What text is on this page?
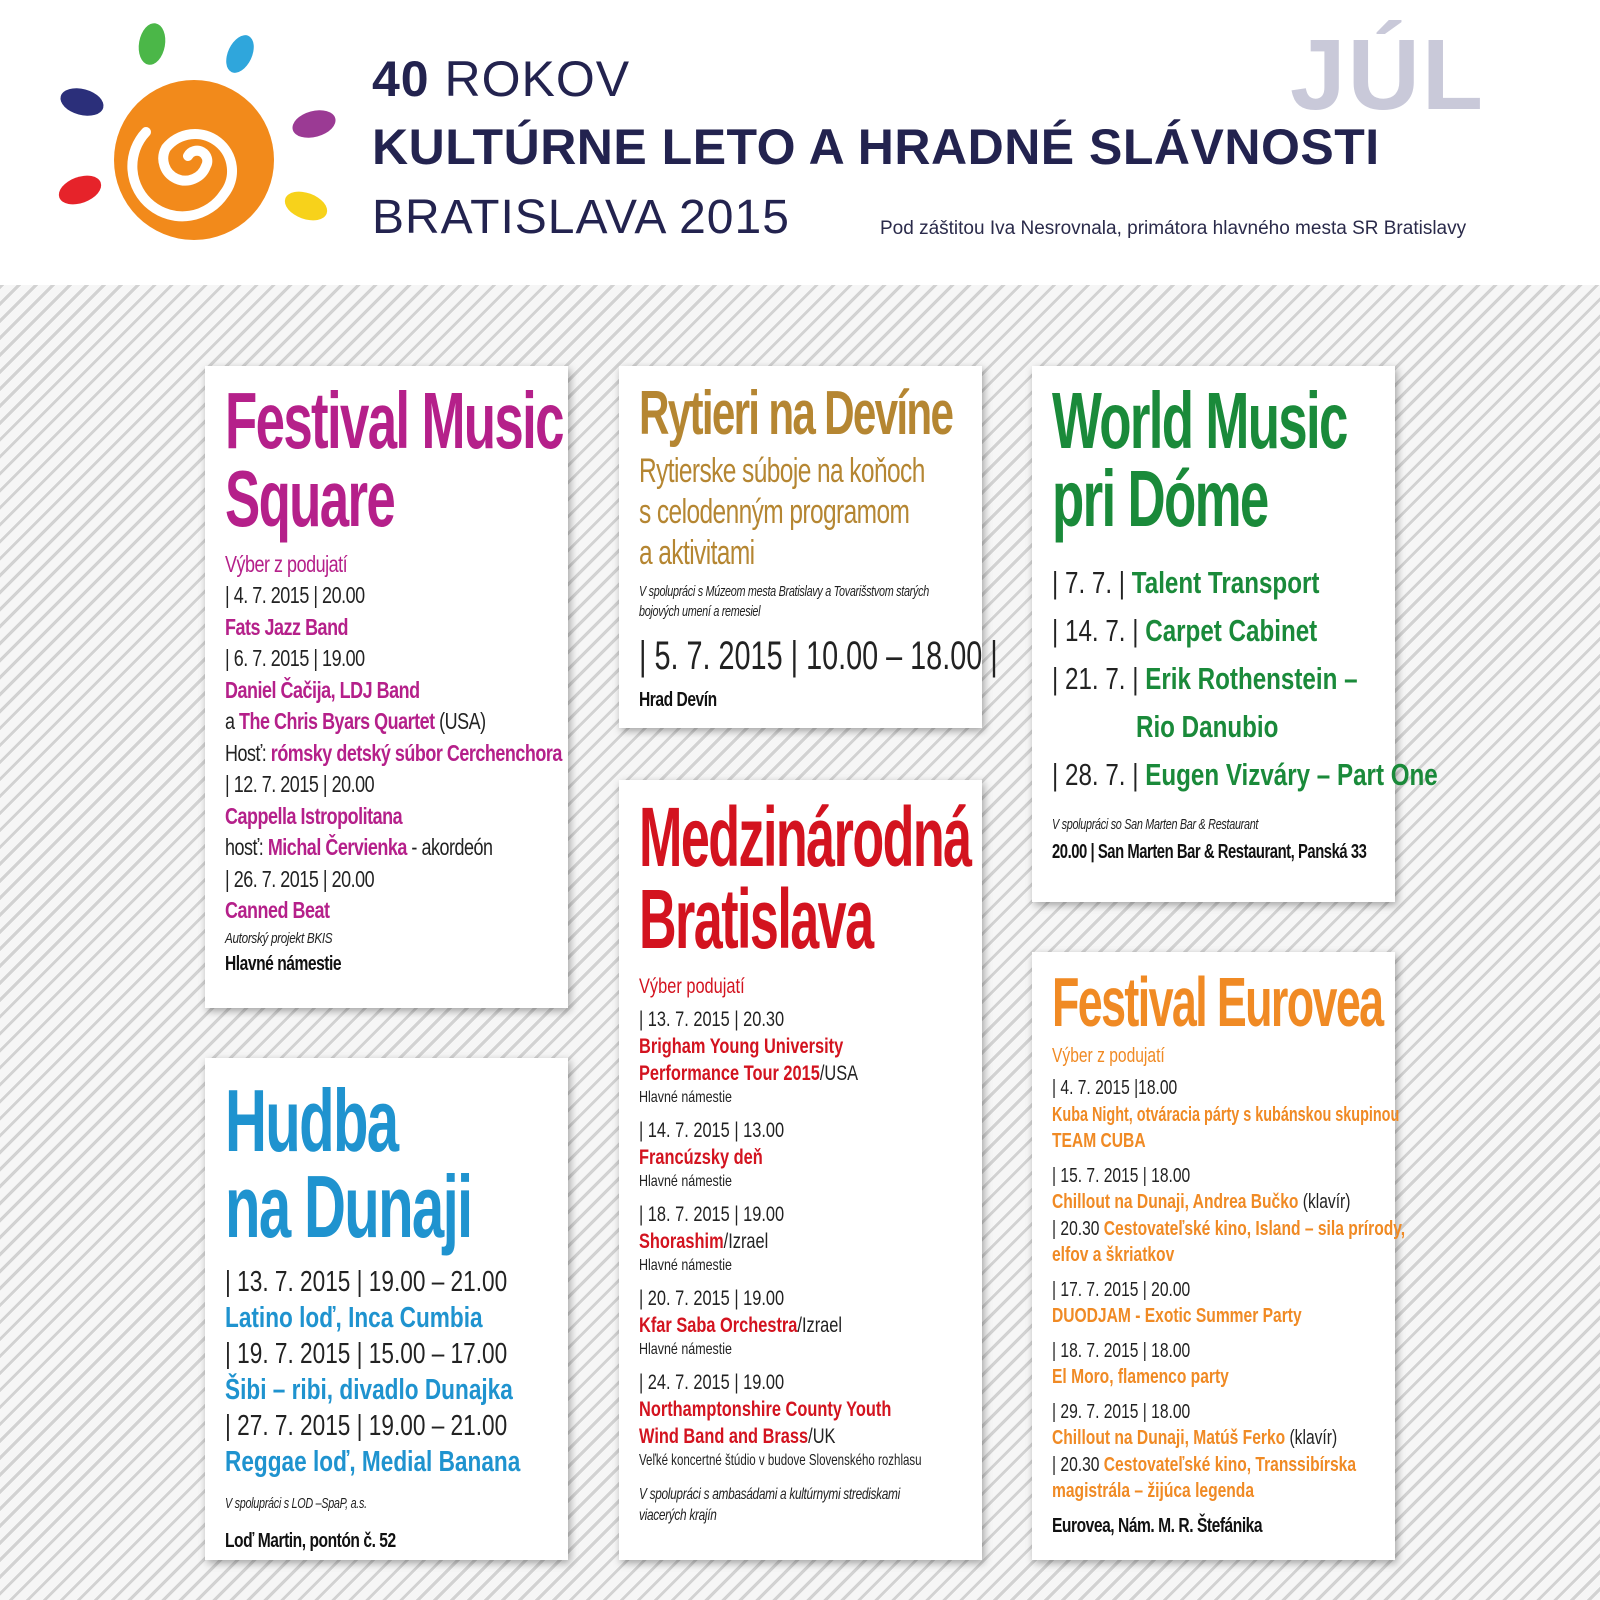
40 ROKOV
KULTÚRNE LETO A HRADNÉ SLÁVNOSTI
BRATISLAVA 2015
JÚL
Pod záštitou Iva Nesrovnala, primátora hlavného mesta SR Bratislavy
Festival Music
Square
Výber z podujatí
| 4. 7. 2015 | 20.00
Fats Jazz Band
| 6. 7. 2015 | 19.00
Daniel Čačija, LDJ Band
a The Chris Byars Quartet (USA)
Hosť: rómsky detský súbor Cerchenchora
| 12. 7. 2015 | 20.00
Cappella Istropolitana
hosť: Michal Červienka - akordeón
| 26. 7. 2015 | 20.00
Canned Beat
Autorský projekt BKIS
Hlavné námestie
Rytieri na Devíne
Rytierske súboje na koňoch
s celodenným programom
a aktivitami
V spolupráci s Múzeom mesta Bratislavy a Tovarišstvom starých
bojových umení a remesiel
| 5. 7. 2015 | 10.00 – 18.00 |
Hrad Devín
World Music
pri Dóme
| 7. 7. | Talent Transport
| 14. 7. | Carpet Cabinet
| 21. 7. | Erik Rothenstein –
Rio Danubio
| 28. 7. | Eugen Vizváry – Part One
V spolupráci so San Marten Bar & Restaurant
20.00 | San Marten Bar & Restaurant, Panská 33
Medzinárodná
Bratislava
Výber podujatí
| 13. 7. 2015 | 20.30
Brigham Young University
Performance Tour 2015/USA
Hlavné námestie
| 14. 7. 2015 | 13.00
Francúzsky deň
Hlavné námestie
| 18. 7. 2015 | 19.00
Shorashim/Izrael
Hlavné námestie
| 20. 7. 2015 | 19.00
Kfar Saba Orchestra/Izrael
Hlavné námestie
| 24. 7. 2015 | 19.00
Northamptonshire County Youth
Wind Band and Brass/UK
Veľké koncertné štúdio v budove Slovenského rozhlasu
V spolupráci s ambasádami a kultúrnymi strediskami
viacerých krajín
Hudba
na Dunaji
| 13. 7. 2015 | 19.00 – 21.00
Latino loď, Inca Cumbia
| 19. 7. 2015 | 15.00 – 17.00
Šibi – ribi, divadlo Dunajka
| 27. 7. 2015 | 19.00 – 21.00
Reggae loď, Medial Banana
V spolupráci s LOD –SpaP, a.s.
Loď Martin, pontón č. 52
Festival Eurovea
Výber z podujatí
| 4. 7. 2015 |18.00
Kuba Night, otváracia párty s kubánskou skupinou
TEAM CUBA
| 15. 7. 2015 | 18.00
Chillout na Dunaji, Andrea Bučko (klavír)
| 20.30 Cestovateľské kino, Island – sila prírody,
elfov a škriatkov
| 17. 7. 2015 | 20.00
DUODJAM - Exotic Summer Party
| 18. 7. 2015 | 18.00
El Moro, flamenco party
| 29. 7. 2015 | 18.00
Chillout na Dunaji, Matúš Ferko (klavír)
| 20.30 Cestovateľské kino, Transsibírska
magistrála – žijúca legenda
Eurovea, Nám. M. R. Štefánika
